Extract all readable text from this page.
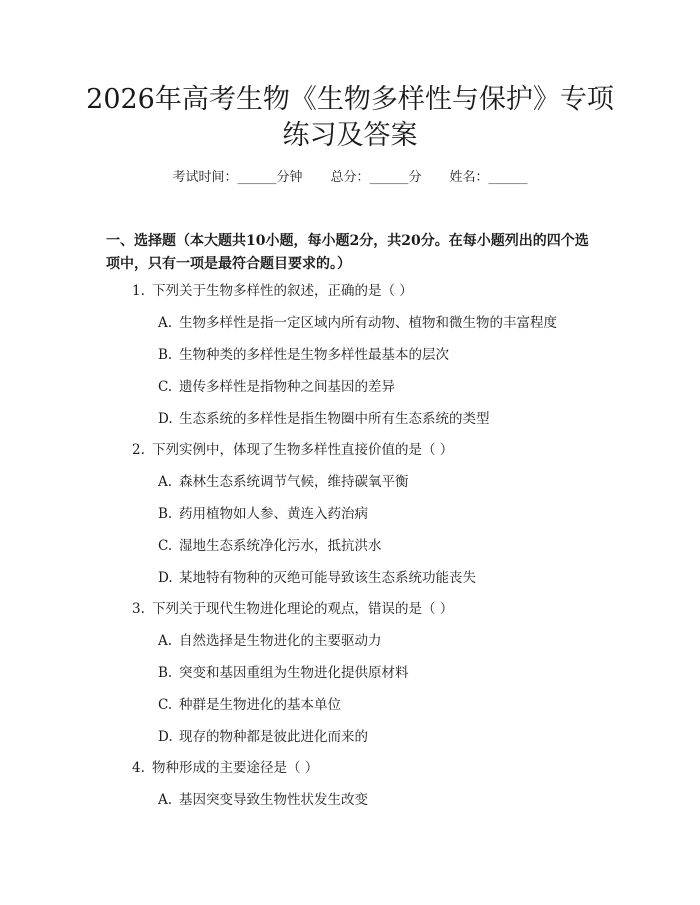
2026年高考生物《生物多样性与保护》专项
练习及答案
考试时间：______分钟 总分：______分 姓名：______
一、选择题（本大题共10小题，每小题2分，共20分。在每小题列出的四个选
项中，只有一项是最符合题目要求的。）
1. 下列关于生物多样性的叙述，正确的是（ ）
A. 生物多样性是指一定区域内所有动物、植物和微生物的丰富程度
B. 生物种类的多样性是生物多样性最基本的层次
C. 遗传多样性是指物种之间基因的差异
D. 生态系统的多样性是指生物圈中所有生态系统的类型
2. 下列实例中，体现了生物多样性直接价值的是（ ）
A. 森林生态系统调节气候，维持碳氧平衡
B. 药用植物如人参、黄连入药治病
C. 湿地生态系统净化污水，抵抗洪水
D. 某地特有物种的灭绝可能导致该生态系统功能丧失
3. 下列关于现代生物进化理论的观点，错误的是（ ）
A. 自然选择是生物进化的主要驱动力
B. 突变和基因重组为生物进化提供原材料
C. 种群是生物进化的基本单位
D. 现存的物种都是彼此进化而来的
4. 物种形成的主要途径是（ ）
A. 基因突变导致生物性状发生改变
